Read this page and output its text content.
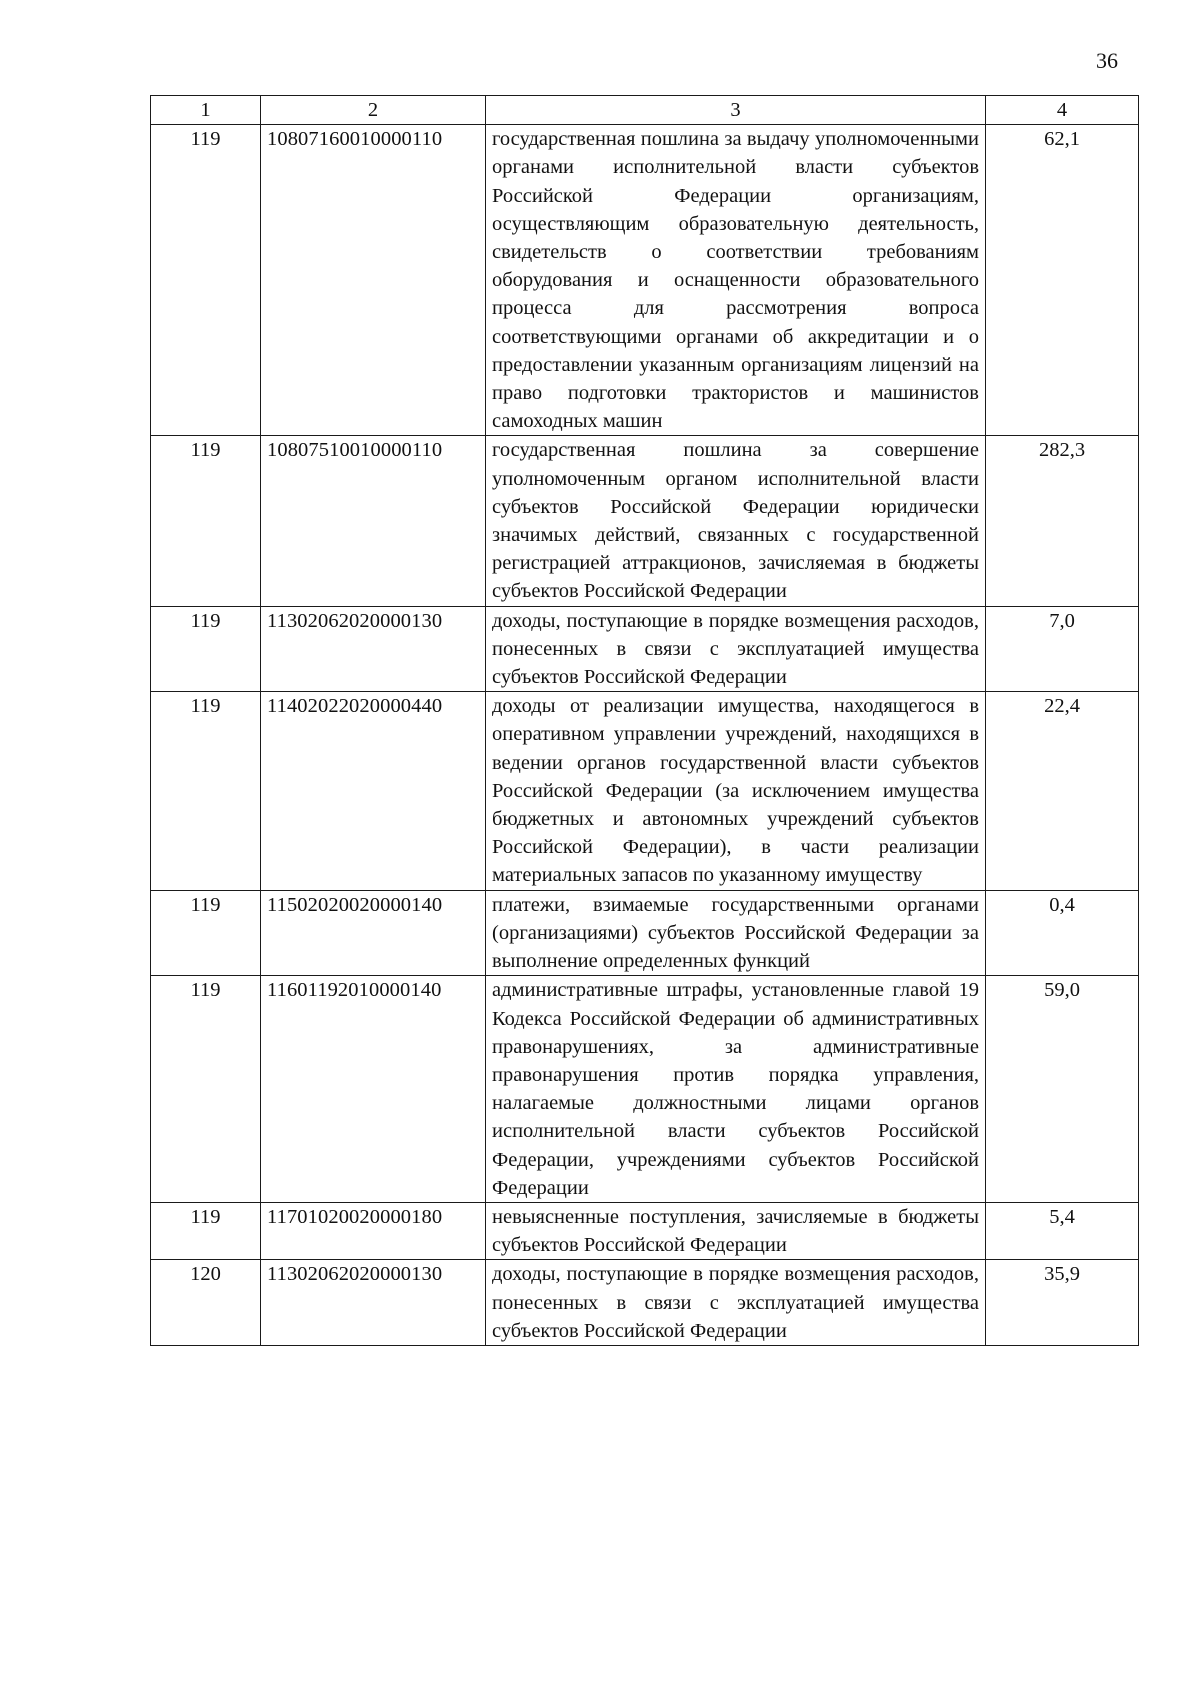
36
1	2	3	4
119	10807160010000110	государственная пошлина за выдачу уполномоченными органами исполнительной власти субъектов Российской Федерации организациям, осуществляющим образовательную деятельность, свидетельств о соответствии требованиям оборудования и оснащенности образовательного процесса для рассмотрения вопроса соответствующими органами об аккредитации и о предоставлении указанным организациям лицензий на право подготовки трактористов и машинистов самоходных машин	62,1
119	10807510010000110	государственная пошлина за совершение уполномоченным органом исполнительной власти субъектов Российской Федерации юридически значимых действий, связанных с государственной регистрацией аттракционов, зачисляемая в бюджеты субъектов Российской Федерации	282,3
119	11302062020000130	доходы, поступающие в порядке возмещения расходов, понесенных в связи с эксплуатацией имущества субъектов Российской Федерации	7,0
119	11402022020000440	доходы от реализации имущества, находящегося в оперативном управлении учреждений, находящихся в ведении органов государственной власти субъектов Российской Федерации (за исключением имущества бюджетных и автономных учреждений субъектов Российской Федерации), в части реализации материальных запасов по указанному имуществу	22,4
119	11502020020000140	платежи, взимаемые государственными органами (организациями) субъектов Российской Федерации за выполнение определенных функций	0,4
119	11601192010000140	административные штрафы, установленные главой 19 Кодекса Российской Федерации об административных правонарушениях, за административные правонарушения против порядка управления, налагаемые должностными лицами органов исполнительной власти субъектов Российской Федерации, учреждениями субъектов Российской Федерации	59,0
119	11701020020000180	невыясненные поступления, зачисляемые в бюджеты субъектов Российской Федерации	5,4
120	11302062020000130	доходы, поступающие в порядке возмещения расходов, понесенных в связи с эксплуатацией имущества субъектов Российской Федерации	35,9
